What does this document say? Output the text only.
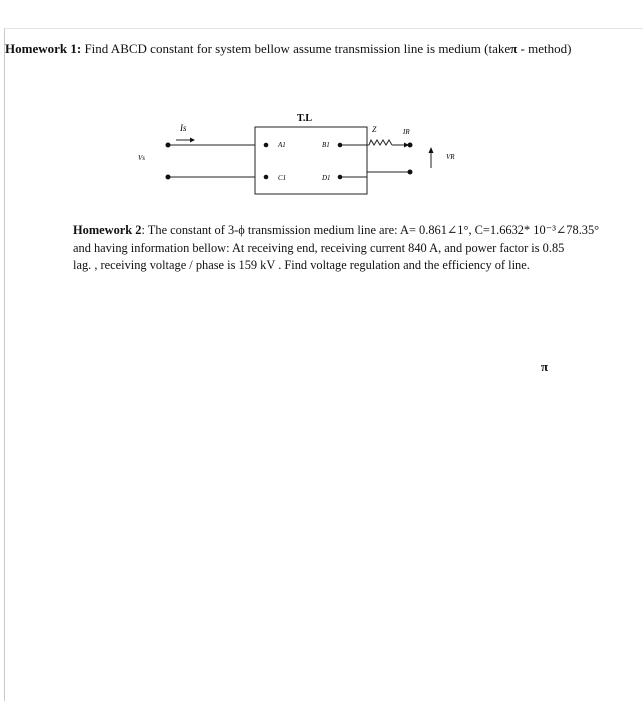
Homework 1: Find ABCD constant for system bellow assume transmission line is medium (takeπ - method)
T.L
Is
Vs
A1
C1
B1
D1
Z	IR
VR
Homework 2: The constant of 3-ϕ transmission medium line are: A= 0.861∠1°, C=1.6632* 10⁻³∠78.35°
and having information bellow: At receiving end, receiving current 840 A, and power factor is 0.85
lag. , receiving voltage / phase is 159 kV . Find voltage regulation and the efficiency of line.
π
